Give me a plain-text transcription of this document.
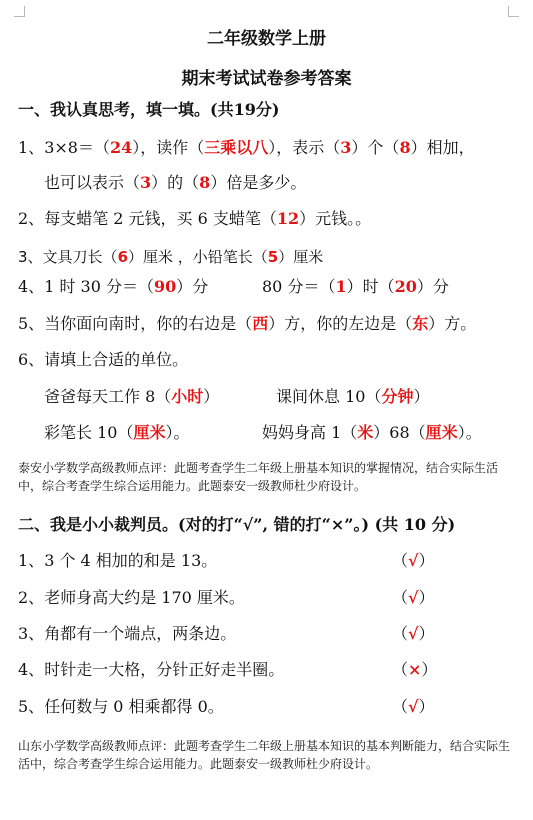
二年级数学上册
期末考试试卷参考答案
一、我认真思考，填一填。(共19分)
1、3×8＝（24），读作（三乘以八），表示（3）个（8）相加，
也可以表示（3）的（8）倍是多少。
2、每支蜡笔 2 元钱，买 6 支蜡笔（12）元钱。。
3、文具刀长（6）厘米 ，小铅笔长（5）厘米
4、1 时 30 分＝（90）分	80 分＝（1）时（20）分
5、当你面向南时，你的右边是（西）方，你的左边是（东）方。
6、请填上合适的单位。
爸爸每天工作 8（小时）	课间休息 10（分钟）
彩笔长 10（厘米）。	妈妈身高 1（米）68（厘米）。
泰安小学数学高级教师点评：此题考查学生二年级上册基本知识的掌握情况，结合实际生活中，综合考查学生综合运用能力。此题泰安一级教师杜少府设计。
二、我是小小裁判员。(对的打“√”, 错的打“×”。) (共 10 分)
1、3 个 4 相加的和是 13。	（√）
2、老师身高大约是 170 厘米。	（√）
3、角都有一个端点，两条边。	（√）
4、时针走一大格，分针正好走半圈。	（×）
5、任何数与 0 相乘都得 0。	（√）
山东小学数学高级教师点评：此题考查学生二年级上册基本知识的基本判断能力，结合实际生活中，综合考查学生综合运用能力。此题泰安一级教师杜少府设计。
